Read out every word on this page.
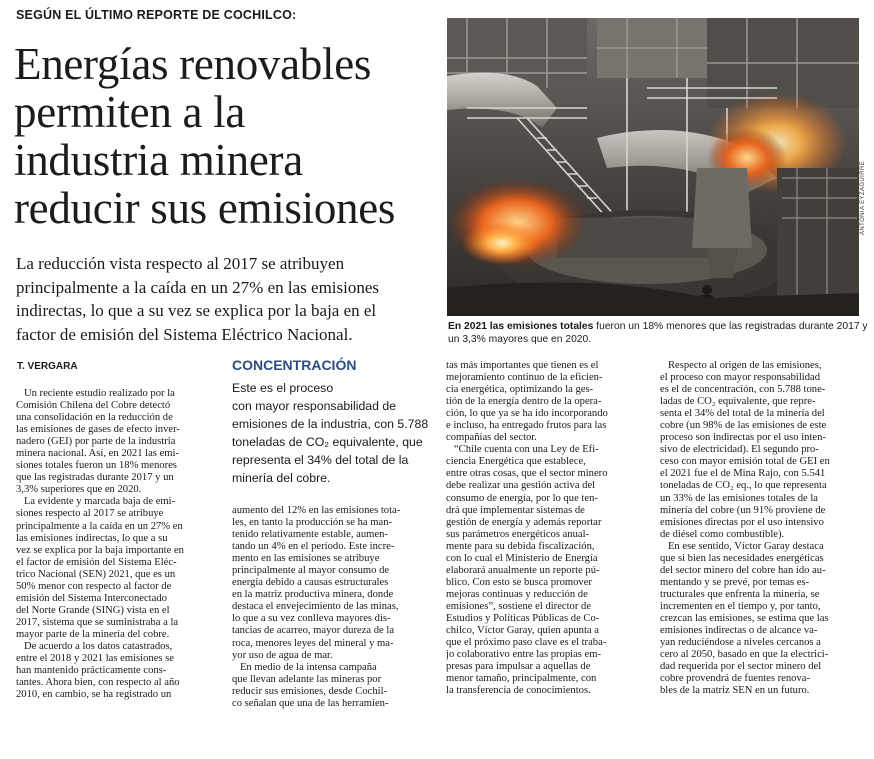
SEGÚN EL ÚLTIMO REPORTE DE COCHILCO:
Energías renovables
permiten a la
industria minera
reducir sus emisiones
La reducción vista respecto al 2017 se atribuyen
principalmente a la caída en un 27% en las emisiones
indirectas, lo que a su vez se explica por la baja en el
factor de emisión del Sistema Eléctrico Nacional.
ANTONIA EYZAGUIRRE
En 2021 las emisiones totales fueron un 18% menores que las registradas durante 2017 y
un 3,3% mayores que en 2020.
T. VERGARA	CONCENTRACIÓN
Este es el proceso
con mayor responsabilidad de
emisiones de la industria, con 5.788
toneladas de CO₂ equivalente, que
representa el 34% del total de la
minería del cobre.
Un reciente estudio realizado por la
Comisión Chilena del Cobre detectó
una consolidación en la reducción de
las emisiones de gases de efecto inver-
nadero (GEI) por parte de la industria
minera nacional. Así, en 2021 las emi-
siones totales fueron un 18% menores
que las registradas durante 2017 y un
3,3% superiores que en 2020.
La evidente y marcada baja de emi-
siones respecto al 2017 se atribuye
principalmente a la caída en un 27% en
las emisiones indirectas, lo que a su
vez se explica por la baja importante en
el factor de emisión del Sistema Eléc-
trico Nacional (SEN) 2021, que es un
50% menor con respecto al factor de
emisión del Sistema Interconectado
del Norte Grande (SING) vista en el
2017, sistema que se suministraba a la
mayor parte de la minería del cobre.
De acuerdo a los datos catastrados,
entre el 2018 y 2021 las emisiones se
han mantenido prácticamente cons-
tantes. Ahora bien, con respecto al año
2010, en cambio, se ha registrado un
aumento del 12% en las emisiones tota-
les, en tanto la producción se ha man-
tenido relativamente estable, aumen-
tando un 4% en el período. Este incre-
mento en las emisiones se atribuye
principalmente al mayor consumo de
energía debido a causas estructurales
en la matriz productiva minera, donde
destaca el envejecimiento de las minas,
lo que a su vez conlleva mayores dis-
tancias de acarreo, mayor dureza de la
roca, menores leyes del mineral y ma-
yor uso de agua de mar.
En medio de la intensa campaña
que llevan adelante las mineras por
reducir sus emisiones, desde Cochil-
co señalan que una de las herramien-
tas más importantes que tienen es el
mejoramiento continuo de la eficien-
cia energética, optimizando la ges-
tión de la energía dentro de la opera-
ción, lo que ya se ha ido incorporando
e incluso, ha entregado frutos para las
compañías del sector.
“Chile cuenta con una Ley de Efi-
ciencia Energética que establece,
entre otras cosas, que el sector minero
debe realizar una gestión activa del
consumo de energía, por lo que ten-
drá que implementar sistemas de
gestión de energía y además reportar
sus parámetros energéticos anual-
mente para su debida fiscalización,
con lo cual el Ministerio de Energía
elaborará anualmente un reporte pú-
blico. Con esto se busca promover
mejoras continuas y reducción de
emisiones”, sostiene el director de
Estudios y Políticas Públicas de Co-
chilco, Víctor Garay, quien apunta a
que el próximo paso clave es el traba-
jo colaborativo entre las propias em-
presas para impulsar a aquellas de
menor tamaño, principalmente, con
la transferencia de conocimientos.
Respecto al origen de las emisiones,
el proceso con mayor responsabilidad
es el de concentración, con 5.788 tone-
ladas de CO₂ equivalente, que repre-
senta el 34% del total de la minería del
cobre (un 98% de las emisiones de este
proceso son indirectas por el uso inten-
sivo de electricidad). El segundo pro-
ceso con mayor emisión total de GEI en
el 2021 fue el de Mina Rajo, con 5.541
toneladas de CO₂ eq., lo que representa
un 33% de las emisiones totales de la
minería del cobre (un 91% proviene de
emisiones directas por el uso intensivo
de diésel como combustible).
En ese sentido, Víctor Garay destaca
que si bien las necesidades energéticas
del sector minero del cobre han ido au-
mentando y se prevé, por temas es-
tructurales que enfrenta la minería, se
incrementen en el tiempo y, por tanto,
crezcan las emisiones, se estima que las
emisiones indirectas o de alcance va-
yan reduciéndose a niveles cercanos a
cero al 2050, basado en que la electrici-
dad requerida por el sector minero del
cobre provendrá de fuentes renova-
bles de la matriz SEN en un futuro.
